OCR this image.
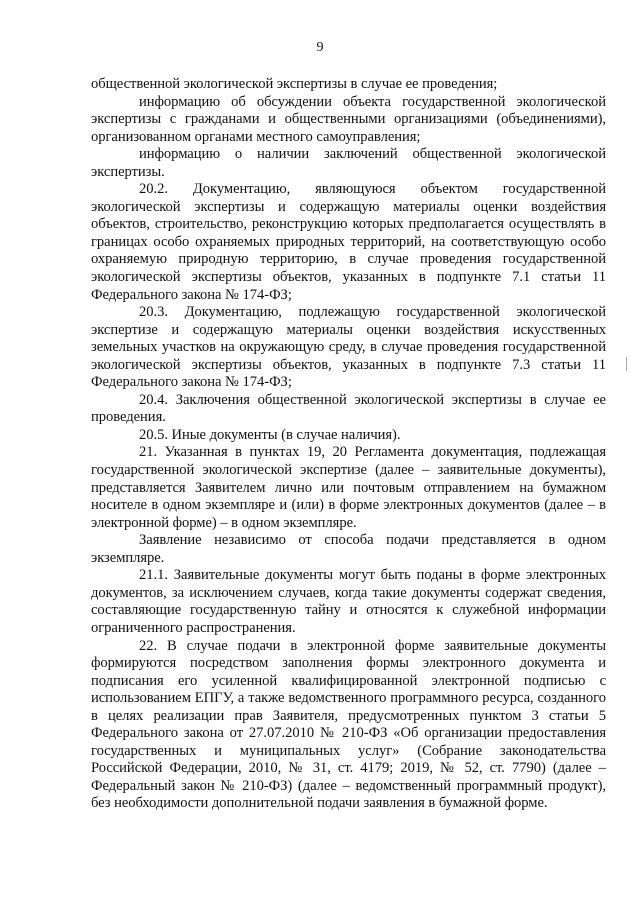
9

общественной экологической экспертизы в случае ее проведения;

информацию об обсуждении объекта государственной экологической экспертизы с гражданами и общественными организациями (объединениями), организованном органами местного самоуправления;

информацию о наличии заключений общественной экологической экспертизы.

20.2. Документацию, являющуюся объектом государственной экологической экспертизы и содержащую материалы оценки воздействия объектов, строительство, реконструкцию которых предполагается осуществлять в границах особо охраняемых природных территорий, на соответствующую особо охраняемую природную территорию, в случае проведения государственной экологической экспертизы объектов, указанных в подпункте 7.1 статьи 11 Федерального закона № 174-ФЗ;

20.3. Документацию, подлежащую государственной экологической экспертизе и содержащую материалы оценки воздействия искусственных земельных участков на окружающую среду, в случае проведения государственной экологической экспертизы объектов, указанных в подпункте 7.3 статьи 11 Федерального закона № 174-ФЗ;

20.4. Заключения общественной экологической экспертизы в случае ее проведения.

20.5. Иные документы (в случае наличия).

21. Указанная в пунктах 19, 20 Регламента документация, подлежащая государственной экологической экспертизе (далее – заявительные документы), представляется Заявителем лично или почтовым отправлением на бумажном носителе в одном экземпляре и (или) в форме электронных документов (далее – в электронной форме) – в одном экземпляре.

Заявление независимо от способа подачи представляется в одном экземпляре.

21.1. Заявительные документы могут быть поданы в форме электронных документов, за исключением случаев, когда такие документы содержат сведения, составляющие государственную тайну и относятся к служебной информации ограниченного распространения.

22. В случае подачи в электронной форме заявительные документы формируются посредством заполнения формы электронного документа и подписания его усиленной квалифицированной электронной подписью с использованием ЕПГУ, а также ведомственного программного ресурса, созданного в целях реализации прав Заявителя, предусмотренных пунктом 3 статьи 5 Федерального закона от 27.07.2010 № 210-ФЗ «Об организации предоставления государственных и муниципальных услуг» (Собрание законодательства Российской Федерации, 2010, № 31, ст. 4179; 2019, № 52, ст. 7790) (далее – Федеральный закон № 210-ФЗ) (далее – ведомственный программный продукт), без необходимости дополнительной подачи заявления в бумажной форме.
